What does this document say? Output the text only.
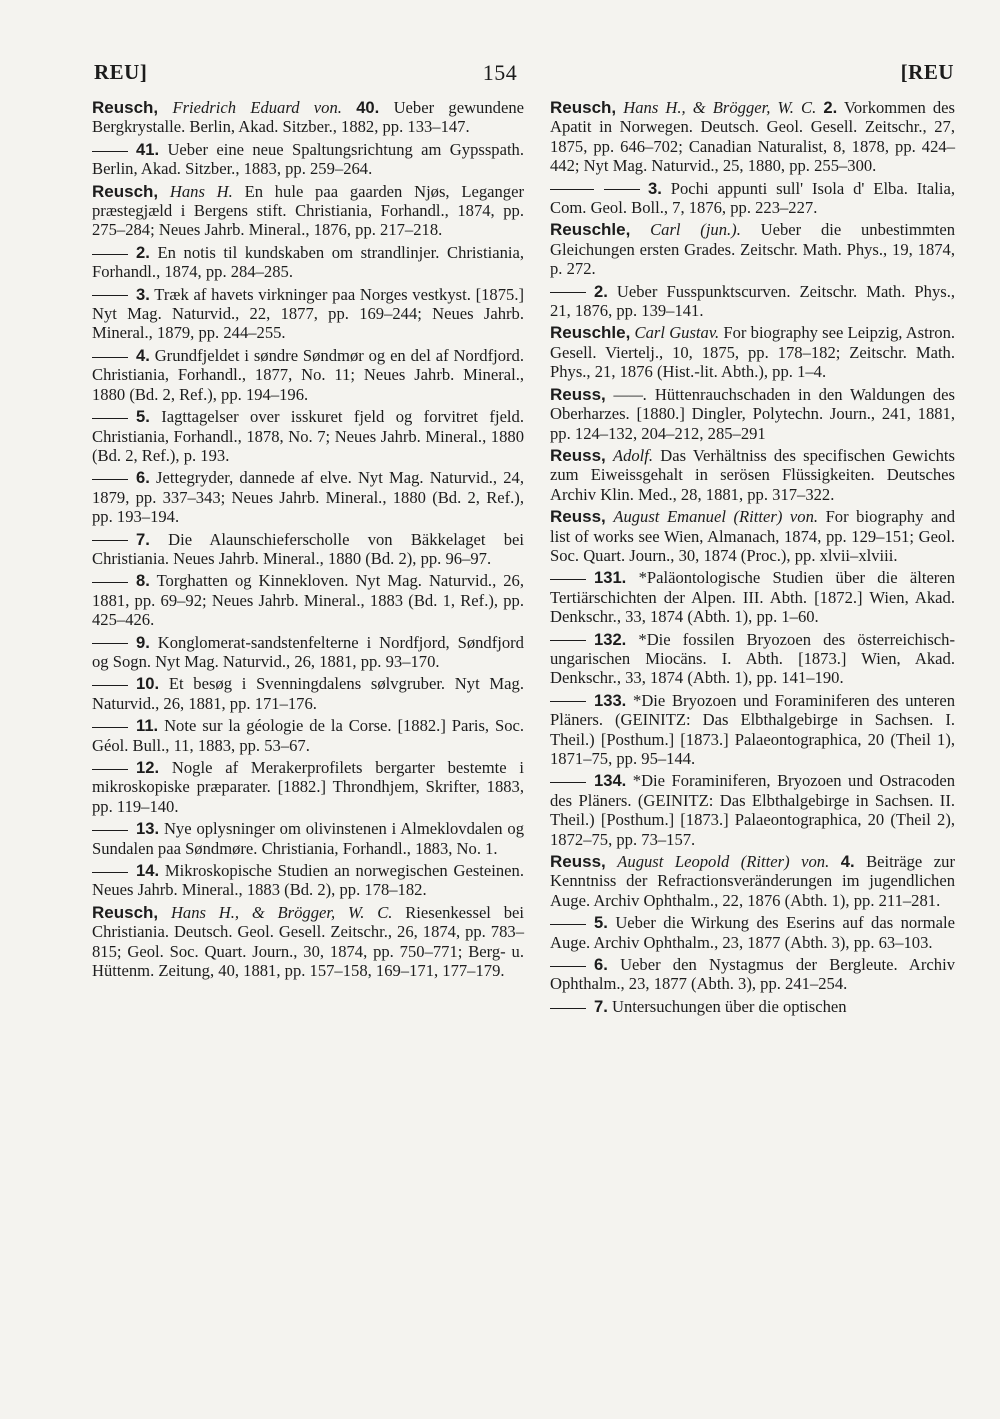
REU]	154	[REU
Reusch, Friedrich Eduard von. 40. Ueber gewundene Bergkrystalle. Berlin, Akad. Sitzber., 1882, pp. 133–147.
41. Ueber eine neue Spaltungsrichtung am Gypsspath. Berlin, Akad. Sitzber., 1883, pp. 259–264.
Reusch, Hans H. En hule paa gaarden Njøs, Leganger præstegjæld i Bergens stift. Christiania, Forhandl., 1874, pp. 275–284; Neues Jahrb. Mineral., 1876, pp. 217–218.
2. En notis til kundskaben om strandlinjer. Christiania, Forhandl., 1874, pp. 284–285.
3. Træk af havets virkninger paa Norges vestkyst. [1875.] Nyt Mag. Naturvid., 22, 1877, pp. 169–244; Neues Jahrb. Mineral., 1879, pp. 244–255.
4. Grundfjeldet i søndre Søndmør og en del af Nordfjord. Christiania, Forhandl., 1877, No. 11; Neues Jahrb. Mineral., 1880 (Bd. 2, Ref.), pp. 194–196.
5. Iagttagelser over isskuret fjeld og forvitret fjeld. Christiania, Forhandl., 1878, No. 7; Neues Jahrb. Mineral., 1880 (Bd. 2, Ref.), p. 193.
6. Jettegryder, dannede af elve. Nyt Mag. Naturvid., 24, 1879, pp. 337–343; Neues Jahrb. Mineral., 1880 (Bd. 2, Ref.), pp. 193–194.
7. Die Alaunschieferscholle von Bäkkelaget bei Christiania. Neues Jahrb. Mineral., 1880 (Bd. 2), pp. 96–97.
8. Torghatten og Kinnekloven. Nyt Mag. Naturvid., 26, 1881, pp. 69–92; Neues Jahrb. Mineral., 1883 (Bd. 1, Ref.), pp. 425–426.
9. Konglomerat-sandstenfelterne i Nordfjord, Søndfjord og Sogn. Nyt Mag. Naturvid., 26, 1881, pp. 93–170.
10. Et besøg i Svenningdalens sølvgruber. Nyt Mag. Naturvid., 26, 1881, pp. 171–176.
11. Note sur la géologie de la Corse. [1882.] Paris, Soc. Géol. Bull., 11, 1883, pp. 53–67.
12. Nogle af Merakerprofilets bergarter bestemte i mikroskopiske præparater. [1882.] Throndhjem, Skrifter, 1883, pp. 119–140.
13. Nye oplysninger om olivinstenen i Almeklovdalen og Sundalen paa Søndmøre. Christiania, Forhandl., 1883, No. 1.
14. Mikroskopische Studien an norwegischen Gesteinen. Neues Jahrb. Mineral., 1883 (Bd. 2), pp. 178–182.
Reusch, Hans H., & Brögger, W. C. Riesenkessel bei Christiania. Deutsch. Geol. Gesell. Zeitschr., 26, 1874, pp. 783–815; Geol. Soc. Quart. Journ., 30, 1874, pp. 750–771; Berg- u. Hüttenm. Zeitung, 40, 1881, pp. 157–158, 169–171, 177–179.
Reusch, Hans H., & Brögger, W. C. 2. Vorkommen des Apatit in Norwegen. Deutsch. Geol. Gesell. Zeitschr., 27, 1875, pp. 646–702; Canadian Naturalist, 8, 1878, pp. 424–442; Nyt Mag. Naturvid., 25, 1880, pp. 255–300.
3. Pochi appunti sull' Isola d' Elba. Italia, Com. Geol. Boll., 7, 1876, pp. 223–227.
Reuschle, Carl (jun.). Ueber die unbestimmten Gleichungen ersten Grades. Zeitschr. Math. Phys., 19, 1874, p. 272.
2. Ueber Fusspunktscurven. Zeitschr. Math. Phys., 21, 1876, pp. 139–141.
Reuschle, Carl Gustav. For biography see Leipzig, Astron. Gesell. Viertelj., 10, 1875, pp. 178–182; Zeitschr. Math. Phys., 21, 1876 (Hist.-lit. Abth.), pp. 1–4.
Reuss, ——. Hüttenrauchschaden in den Waldungen des Oberharzes. [1880.] Dingler, Polytechn. Journ., 241, 1881, pp. 124–132, 204–212, 285–291
Reuss, Adolf. Das Verhältniss des specifischen Gewichts zum Eiweissgehalt in serösen Flüssigkeiten. Deutsches Archiv Klin. Med., 28, 1881, pp. 317–322.
Reuss, August Emanuel (Ritter) von. For biography and list of works see Wien, Almanach, 1874, pp. 129–151; Geol. Soc. Quart. Journ., 30, 1874 (Proc.), pp. xlvii–xlviii.
131. *Paläontologische Studien über die älteren Tertiärschichten der Alpen. III. Abth. [1872.] Wien, Akad. Denkschr., 33, 1874 (Abth. 1), pp. 1–60.
132. *Die fossilen Bryozoen des österreichisch-ungarischen Miocäns. I. Abth. [1873.] Wien, Akad. Denkschr., 33, 1874 (Abth. 1), pp. 141–190.
133. *Die Bryozoen und Foraminiferen des unteren Pläners. (GEINITZ: Das Elbthalgebirge in Sachsen. I. Theil.) [Posthum.] [1873.] Palaeontographica, 20 (Theil 1), 1871–75, pp. 95–144.
134. *Die Foraminiferen, Bryozoen und Ostracoden des Pläners. (GEINITZ: Das Elbthalgebirge in Sachsen. II. Theil.) [Posthum.] [1873.] Palaeontographica, 20 (Theil 2), 1872–75, pp. 73–157.
Reuss, August Leopold (Ritter) von. 4. Beiträge zur Kenntniss der Refractionsveränderungen im jugendlichen Auge. Archiv Ophthalm., 22, 1876 (Abth. 1), pp. 211–281.
5. Ueber die Wirkung des Eserins auf das normale Auge. Archiv Ophthalm., 23, 1877 (Abth. 3), pp. 63–103.
6. Ueber den Nystagmus der Bergleute. Archiv Ophthalm., 23, 1877 (Abth. 3), pp. 241–254.
7. Untersuchungen über die optischen
